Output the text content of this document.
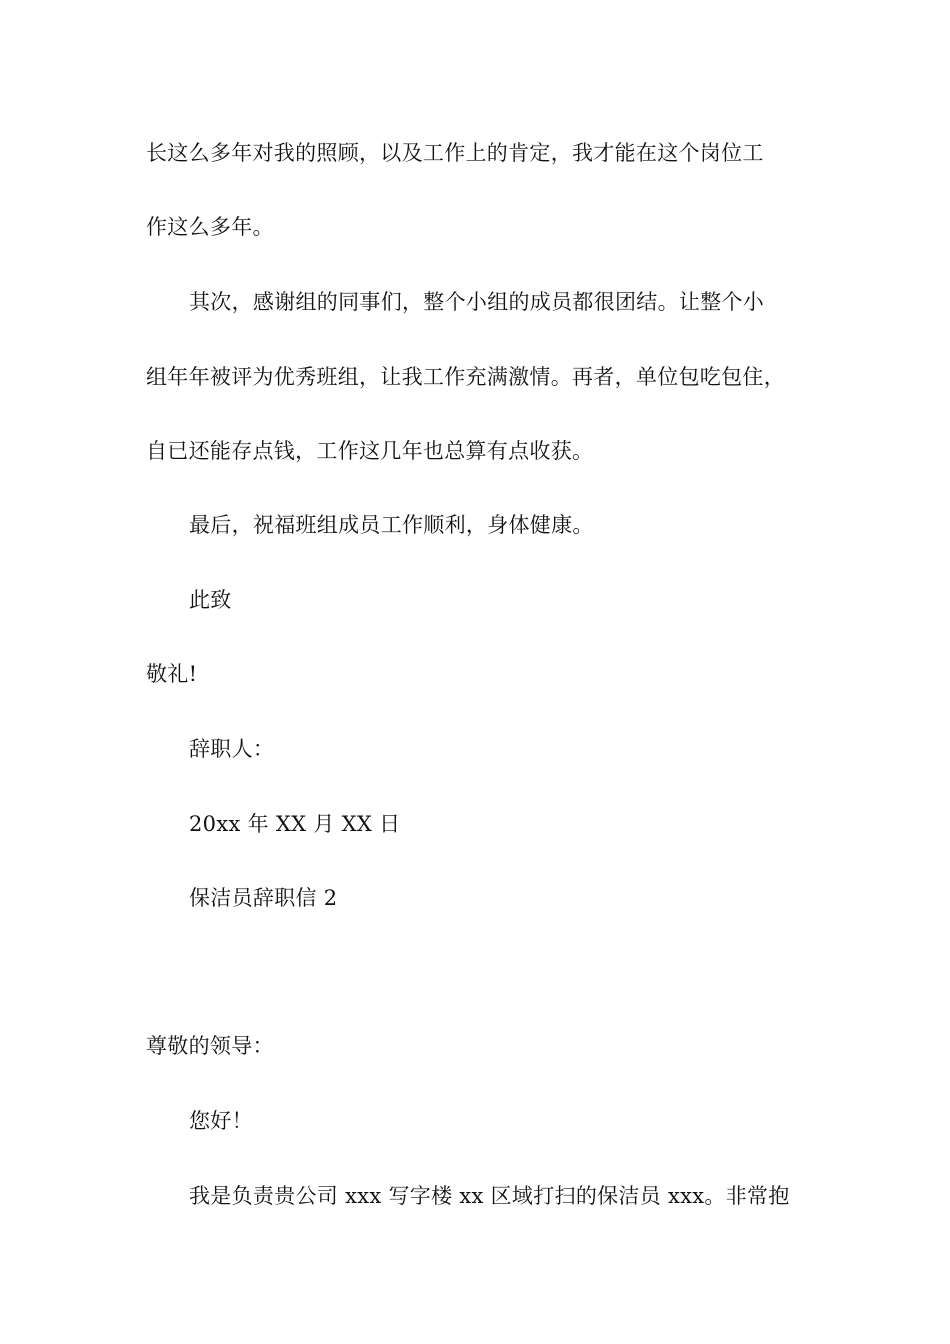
长这么多年对我的照顾，以及工作上的肯定，我才能在这个岗位工
作这么多年。
其次，感谢组的同事们，整个小组的成员都很团结。让整个小
组年年被评为优秀班组，让我工作充满激情。再者，单位包吃包住，
自已还能存点钱，工作这几年也总算有点收获。
最后，祝福班组成员工作顺利，身体健康。
此致
敬礼!
辞职人：
20xx 年 XX 月 XX 日
保洁员辞职信 2
尊敬的领导：
您好！
我是负责贵公司 xxx 写字楼 xx 区域打扫的保洁员 xxx。非常抱
